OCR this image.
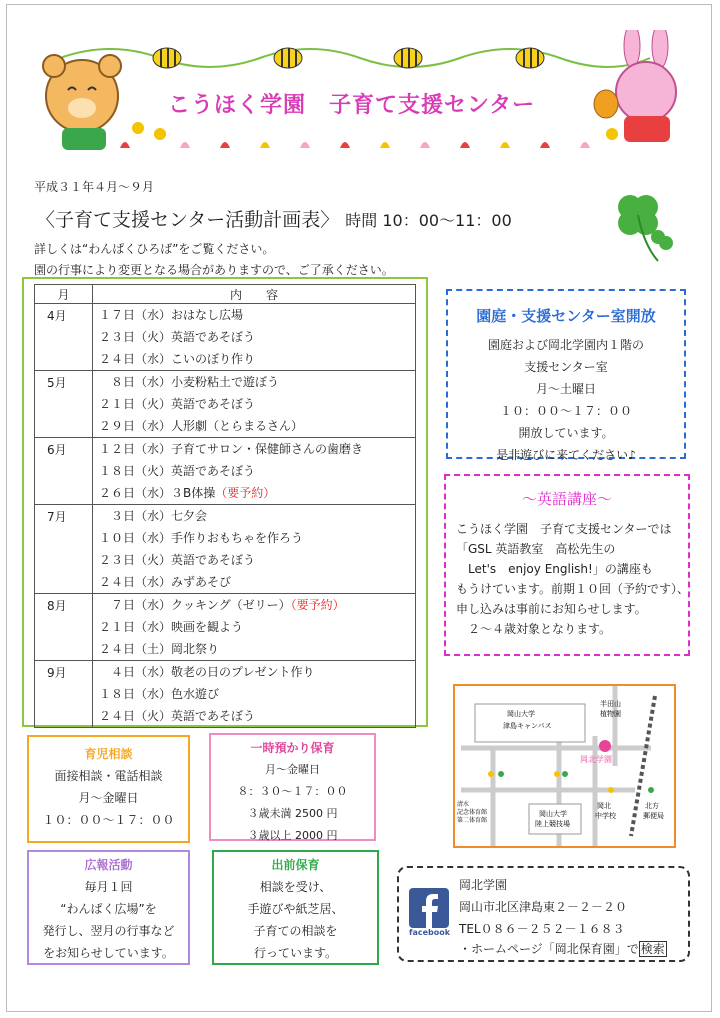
こうほく学園　子育て支援センター
平成３１年４月～９月
〈子育て支援センター活動計画表〉 時間 10：00～11：00
詳しくは“わんぱくひろば”をご覧ください。
園の行事により変更となる場合がありますので、ご了承ください。
月	内　　容
4月	１７日（水）おはなし広場
２３日（火）英語であそぼう
２４日（水）こいのぼり作り

5月	　８日（水）小麦粉粘土で遊ぼう
２１日（火）英語であそぼう
２９日（水）人形劇（とらまるさん）

6月	１２日（水）子育てサロン・保健師さんの歯磨き
１８日（火）英語であそぼう
２６日（水）３B体操（要予約）

7月	　３日（水）七夕会
１０日（水）手作りおもちゃを作ろう
２３日（火）英語であそぼう
２４日（水）みずあそび

8月	　７日（水）クッキング（ゼリー）（要予約）
２１日（水）映画を観よう
２４日（土）岡北祭り

9月	　４日（水）敬老の日のプレゼント作り
１８日（水）色水遊び
２４日（火）英語であそぼう
園庭・支援センター室開放
園庭および岡北学園内１階の
支援センター室
月～土曜日
１０：００～１７：００
開放しています。
是非遊びに来てください♪
～英語講座～
こうほく学園　子育て支援センターでは
「GSL 英語教室　高松先生の
　Let's　enjoy English!」の講座も
もうけています。前期１０回（予約です）、
申し込みは事前にお知らせします。
　２～４歳対象となります。
岡北学園
半田山
植物園
岡山大学
津島キャンパス
岡山大学
陸上競技場
岡北
中学校
北方
郵便局
清水
記念体育館
第二体育館
育児相談
面接相談・電話相談
月～金曜日
１０：００～１７：００
一時預かり保育
月～金曜日
８：３０～１７：００
３歳未満 2500 円
３歳以上 2000 円
広報活動
毎月１回
“わんぱく広場”を
発行し、翌月の行事など
をお知らせしています。
出前保育
相談を受け、
手遊びや紙芝居、
子育ての相談を
行っています。
facebook
岡北学園
岡山市北区津島東２－２－２０
TEL０８６－２５２－１６８３
・ホームページ「岡北保育園」で 検索
